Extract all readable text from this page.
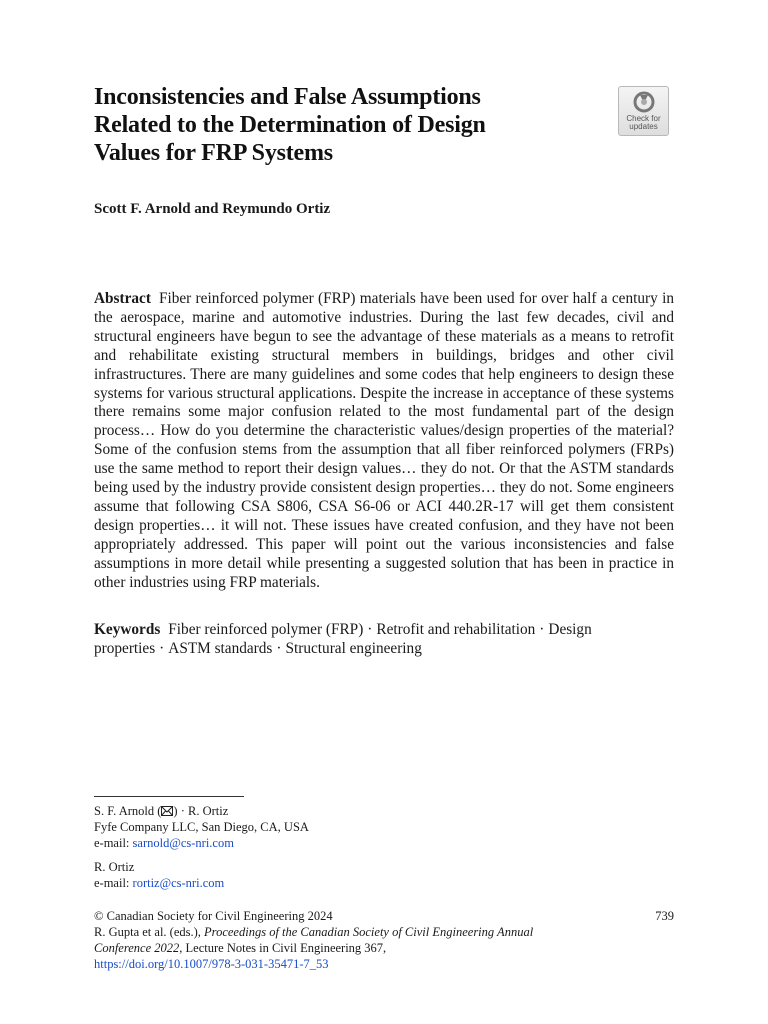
Inconsistencies and False Assumptions
Related to the Determination of Design
Values for FRP Systems
Check for
updates

Scott F. Arnold and Reymundo Ortiz

Abstract Fiber reinforced polymer (FRP) materials have been used for over half a century in the aerospace, marine and automotive industries. During the last few decades, civil and structural engineers have begun to see the advantage of these materials as a means to retrofit and rehabilitate existing structural members in buildings, bridges and other civil infrastructures. There are many guidelines and some codes that help engineers to design these systems for various structural applications. Despite the increase in acceptance of these systems there remains some major confusion related to the most fundamental part of the design process… How do you determine the characteristic values/design properties of the material? Some of the confusion stems from the assumption that all fiber reinforced polymers (FRPs) use the same method to report their design values… they do not. Or that the ASTM standards being used by the industry provide consistent design properties… they do not. Some engineers assume that following CSA S806, CSA S6-06 or ACI 440.2R-17 will get them consistent design properties… it will not. These issues have created confusion, and they have not been appropriately addressed. This paper will point out the various inconsistencies and false assumptions in more detail while presenting a suggested solution that has been in practice in other industries using FRP materials.

Keywords Fiber reinforced polymer (FRP) · Retrofit and rehabilitation · Design properties · ASTM standards · Structural engineering

S. F. Arnold ( ) · R. Ortiz
Fyfe Company LLC, San Diego, CA, USA
e-mail: sarnold@cs-nri.com

R. Ortiz
e-mail: rortiz@cs-nri.com

© Canadian Society for Civil Engineering 2024	739
R. Gupta et al. (eds.), Proceedings of the Canadian Society of Civil Engineering Annual
Conference 2022, Lecture Notes in Civil Engineering 367,
https://doi.org/10.1007/978-3-031-35471-7_53
